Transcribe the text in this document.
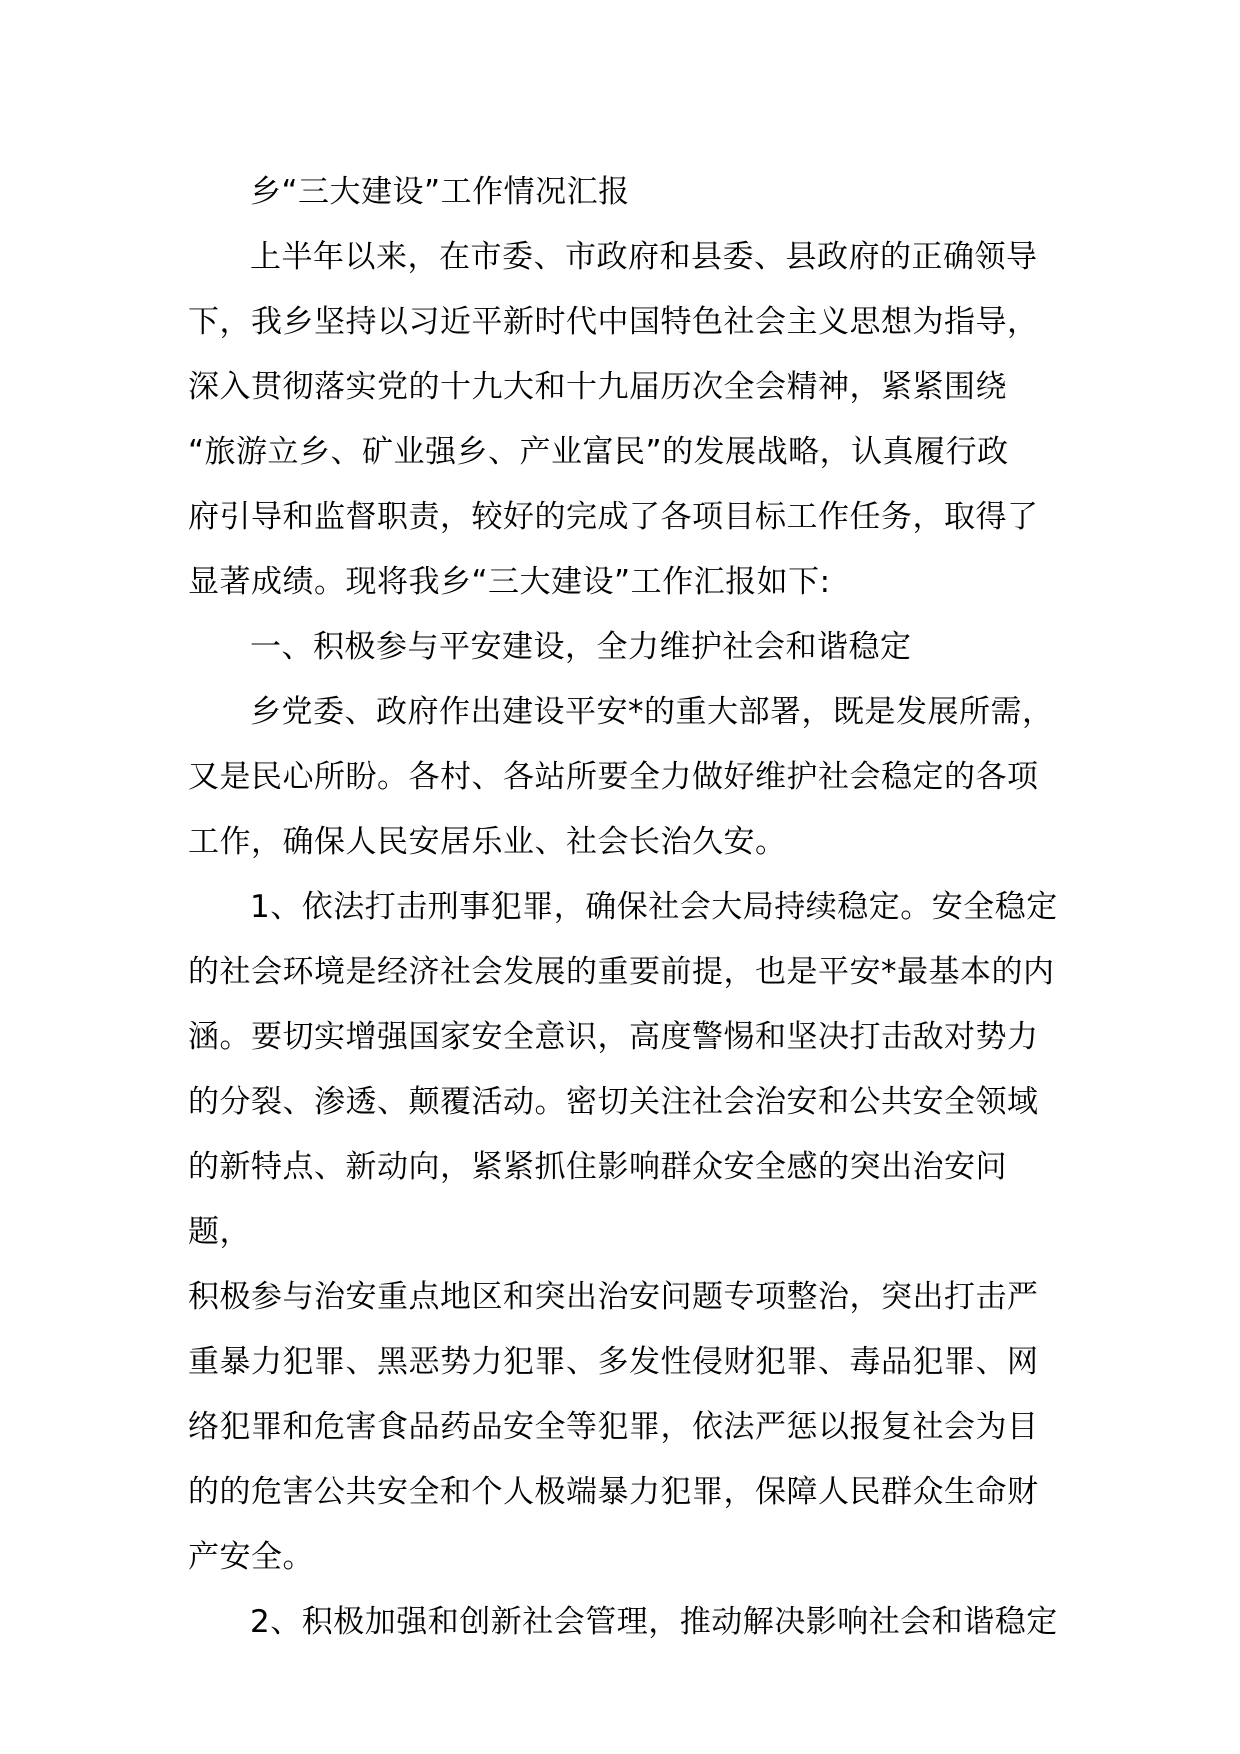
乡“三大建设”工作情况汇报

上半年以来，在市委、市政府和县委、县政府的正确领导
下，我乡坚持以习近平新时代中国特色社会主义思想为指导，
深入贯彻落实党的十九大和十九届历次全会精神，紧紧围绕
“旅游立乡、矿业强乡、产业富民”的发展战略，认真履行政
府引导和监督职责，较好的完成了各项目标工作任务，取得了
显著成绩。现将我乡“三大建设”工作汇报如下:

一、积极参与平安建设，全力维护社会和谐稳定

乡党委、政府作出建设平安*的重大部署，既是发展所需，
又是民心所盼。各村、各站所要全力做好维护社会稳定的各项
工作，确保人民安居乐业、社会长治久安。

1、依法打击刑事犯罪，确保社会大局持续稳定。安全稳定
的社会环境是经济社会发展的重要前提，也是平安*最基本的内
涵。要切实增强国家安全意识，高度警惕和坚决打击敌对势力
的分裂、渗透、颠覆活动。密切关注社会治安和公共安全领域
的新特点、新动向，紧紧抓住影响群众安全感的突出治安问题，
积极参与治安重点地区和突出治安问题专项整治，突出打击严
重暴力犯罪、黑恶势力犯罪、多发性侵财犯罪、毒品犯罪、网
络犯罪和危害食品药品安全等犯罪，依法严惩以报复社会为目
的的危害公共安全和个人极端暴力犯罪，保障人民群众生命财
产安全。

2、积极加强和创新社会管理，推动解决影响社会和谐稳定
